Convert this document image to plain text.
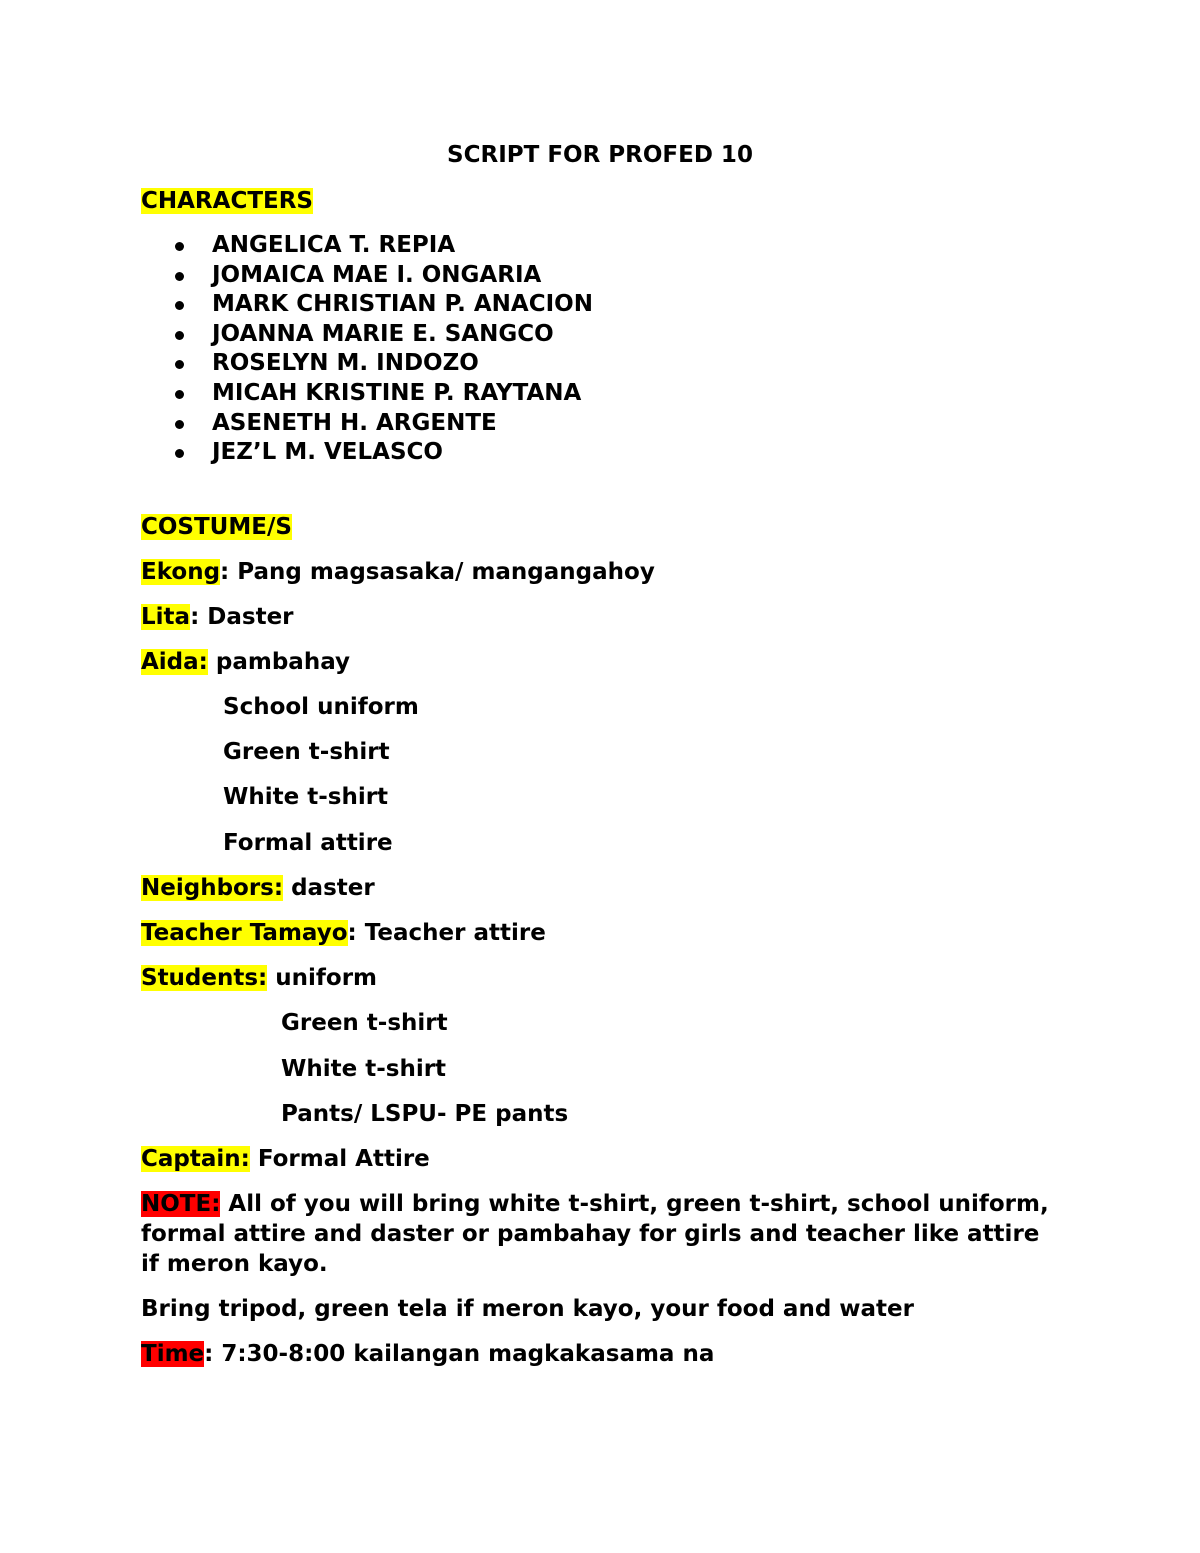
SCRIPT FOR PROFED 10
CHARACTERS
ANGELICA T. REPIA
JOMAICA MAE I. ONGARIA
MARK CHRISTIAN P. ANACION
JOANNA MARIE E. SANGCO
ROSELYN M. INDOZO
MICAH KRISTINE P. RAYTANA
ASENETH H. ARGENTE
JEZ’L M. VELASCO
COSTUME/S
Ekong: Pang magsasaka/ mangangahoy
Lita: Daster
Aida: pambahay
School uniform
Green t-shirt
White t-shirt
Formal attire
Neighbors: daster
Teacher Tamayo: Teacher attire
Students: uniform
Green t-shirt
White t-shirt
Pants/ LSPU- PE pants
Captain: Formal Attire
NOTE: All of you will bring white t-shirt, green t-shirt, school uniform, formal attire and daster or pambahay for girls and teacher like attire if meron kayo.
Bring tripod, green tela if meron kayo, your food and water
Time: 7:30-8:00 kailangan magkakasama na
